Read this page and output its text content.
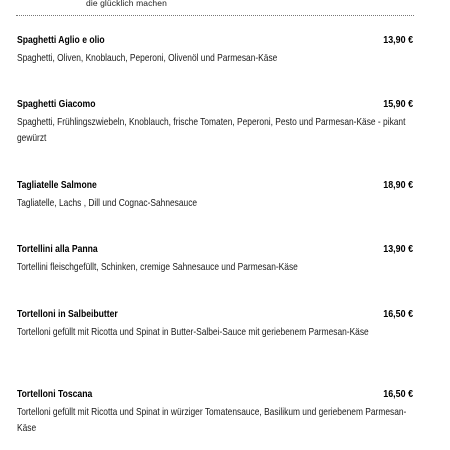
die glücklich machen
Spaghetti Aglio e olio	13,90 €
Spaghetti, Oliven, Knoblauch, Peperoni, Olivenöl und Parmesan-Käse
Spaghetti Giacomo	15,90 €
Spaghetti, Frühlingszwiebeln, Knoblauch, frische Tomaten, Peperoni, Pesto und Parmesan-Käse - pikant gewürzt
Tagliatelle Salmone	18,90 €
Tagliatelle, Lachs , Dill und Cognac-Sahnesauce
Tortellini alla Panna	13,90 €
Tortellini fleischgefüllt, Schinken, cremige Sahnesauce und Parmesan-Käse
Tortelloni in Salbeibutter	16,50 €
Tortelloni gefüllt mit Ricotta und Spinat in Butter-Salbei-Sauce mit geriebenem Parmesan-Käse
Tortelloni Toscana	16,50 €
Tortelloni gefüllt mit Ricotta und Spinat in würziger Tomatensauce, Basilikum und geriebenem Parmesan-Käse
